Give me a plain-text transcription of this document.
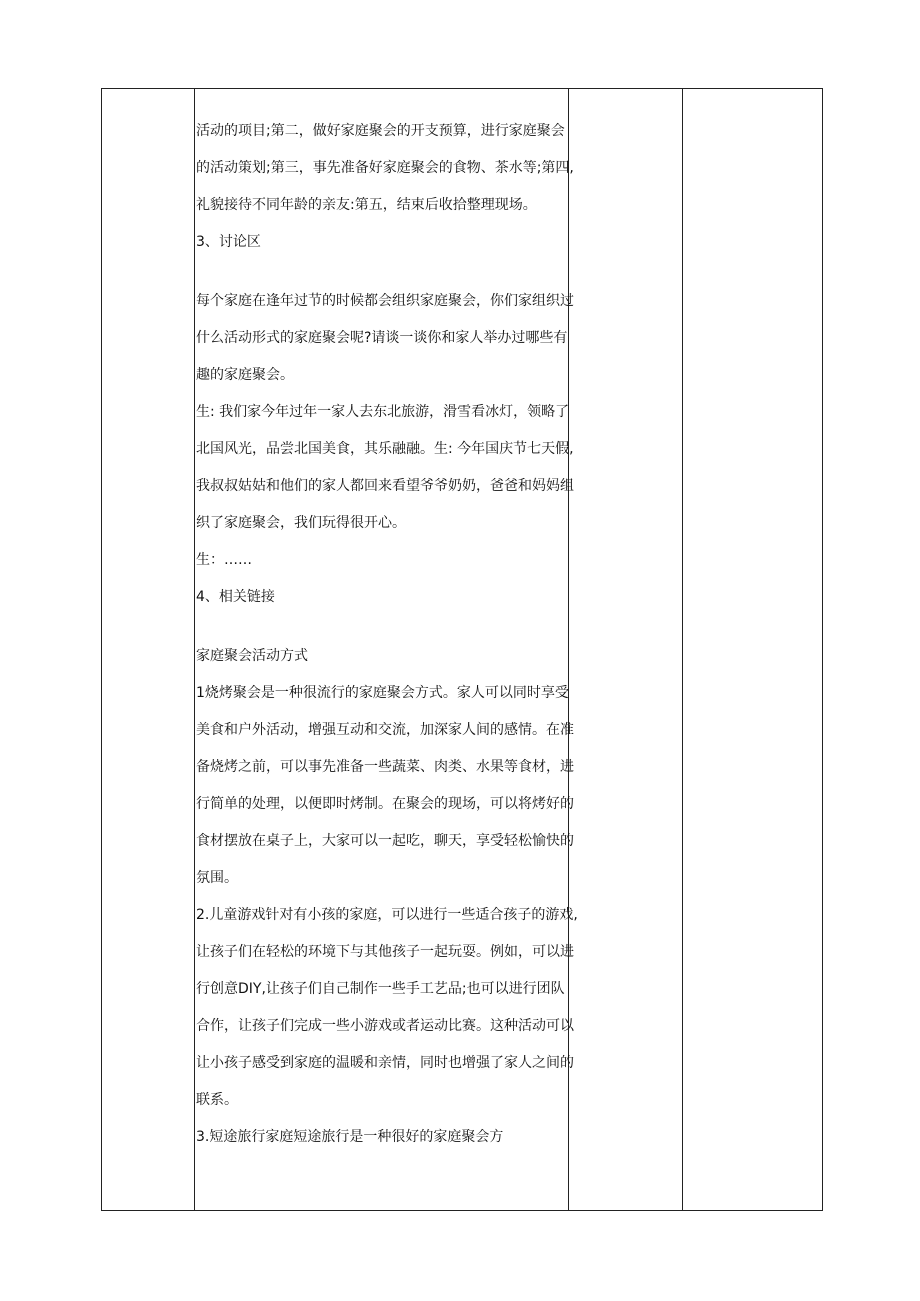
活动的项目;第二，做好家庭聚会的开支预算，进行家庭聚会

的活动策划;第三，事先准备好家庭聚会的食物、茶水等;第四,

礼貌接待不同年龄的亲友:第五，结束后收拾整理现场。

3、讨论区

每个家庭在逢年过节的时候都会组织家庭聚会，你们家组织过

什么活动形式的家庭聚会呢?请谈一谈你和家人举办过哪些有

趣的家庭聚会。

生: 我们家今年过年一家人去东北旅游，滑雪看冰灯，领略了

北国风光，品尝北国美食，其乐融融。生: 今年国庆节七天假,

我叔叔姑姑和他们的家人都回来看望爷爷奶奶，爸爸和妈妈组

织了家庭聚会，我们玩得很开心。

生：……

4、相关链接

家庭聚会活动方式

1烧烤聚会是一种很流行的家庭聚会方式。家人可以同时享受

美食和户外活动，增强互动和交流，加深家人间的感情。在准

备烧烤之前，可以事先准备一些蔬菜、肉类、水果等食材，进

行简单的处理，以便即时烤制。在聚会的现场，可以将烤好的

食材摆放在桌子上，大家可以一起吃，聊天，享受轻松愉快的

氛围。

2.儿童游戏针对有小孩的家庭，可以进行一些适合孩子的游戏,

让孩子们在轻松的环境下与其他孩子一起玩耍。例如，可以进

行创意DIY,让孩子们自己制作一些手工艺品;也可以进行团队

合作，让孩子们完成一些小游戏或者运动比赛。这种活动可以

让小孩子感受到家庭的温暖和亲情，同时也增强了家人之间的

联系。

3.短途旅行家庭短途旅行是一种很好的家庭聚会方
